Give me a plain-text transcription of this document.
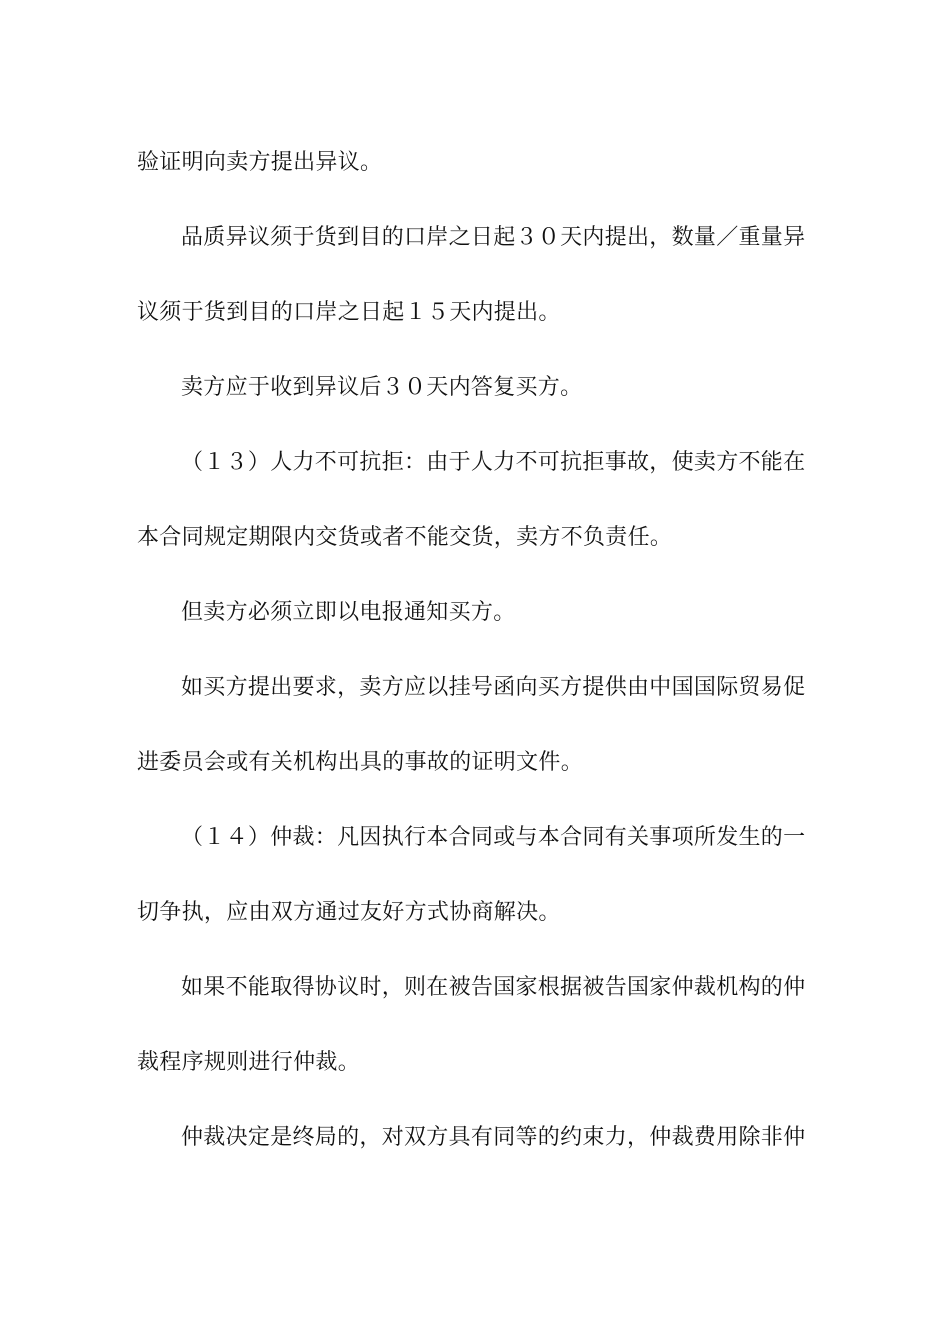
验证明向卖方提出异议。
品质异议须于货到目的口岸之日起３０天内提出，数量／重量异
议须于货到目的口岸之日起１５天内提出。
卖方应于收到异议后３０天内答复买方。
（１３）人力不可抗拒：由于人力不可抗拒事故，使卖方不能在
本合同规定期限内交货或者不能交货，卖方不负责任。
但卖方必须立即以电报通知买方。
如买方提出要求，卖方应以挂号函向买方提供由中国国际贸易促
进委员会或有关机构出具的事故的证明文件。
（１４）仲裁：凡因执行本合同或与本合同有关事项所发生的一
切争执，应由双方通过友好方式协商解决。
如果不能取得协议时，则在被告国家根据被告国家仲裁机构的仲
裁程序规则进行仲裁。
仲裁决定是终局的，对双方具有同等的约束力，仲裁费用除非仲
